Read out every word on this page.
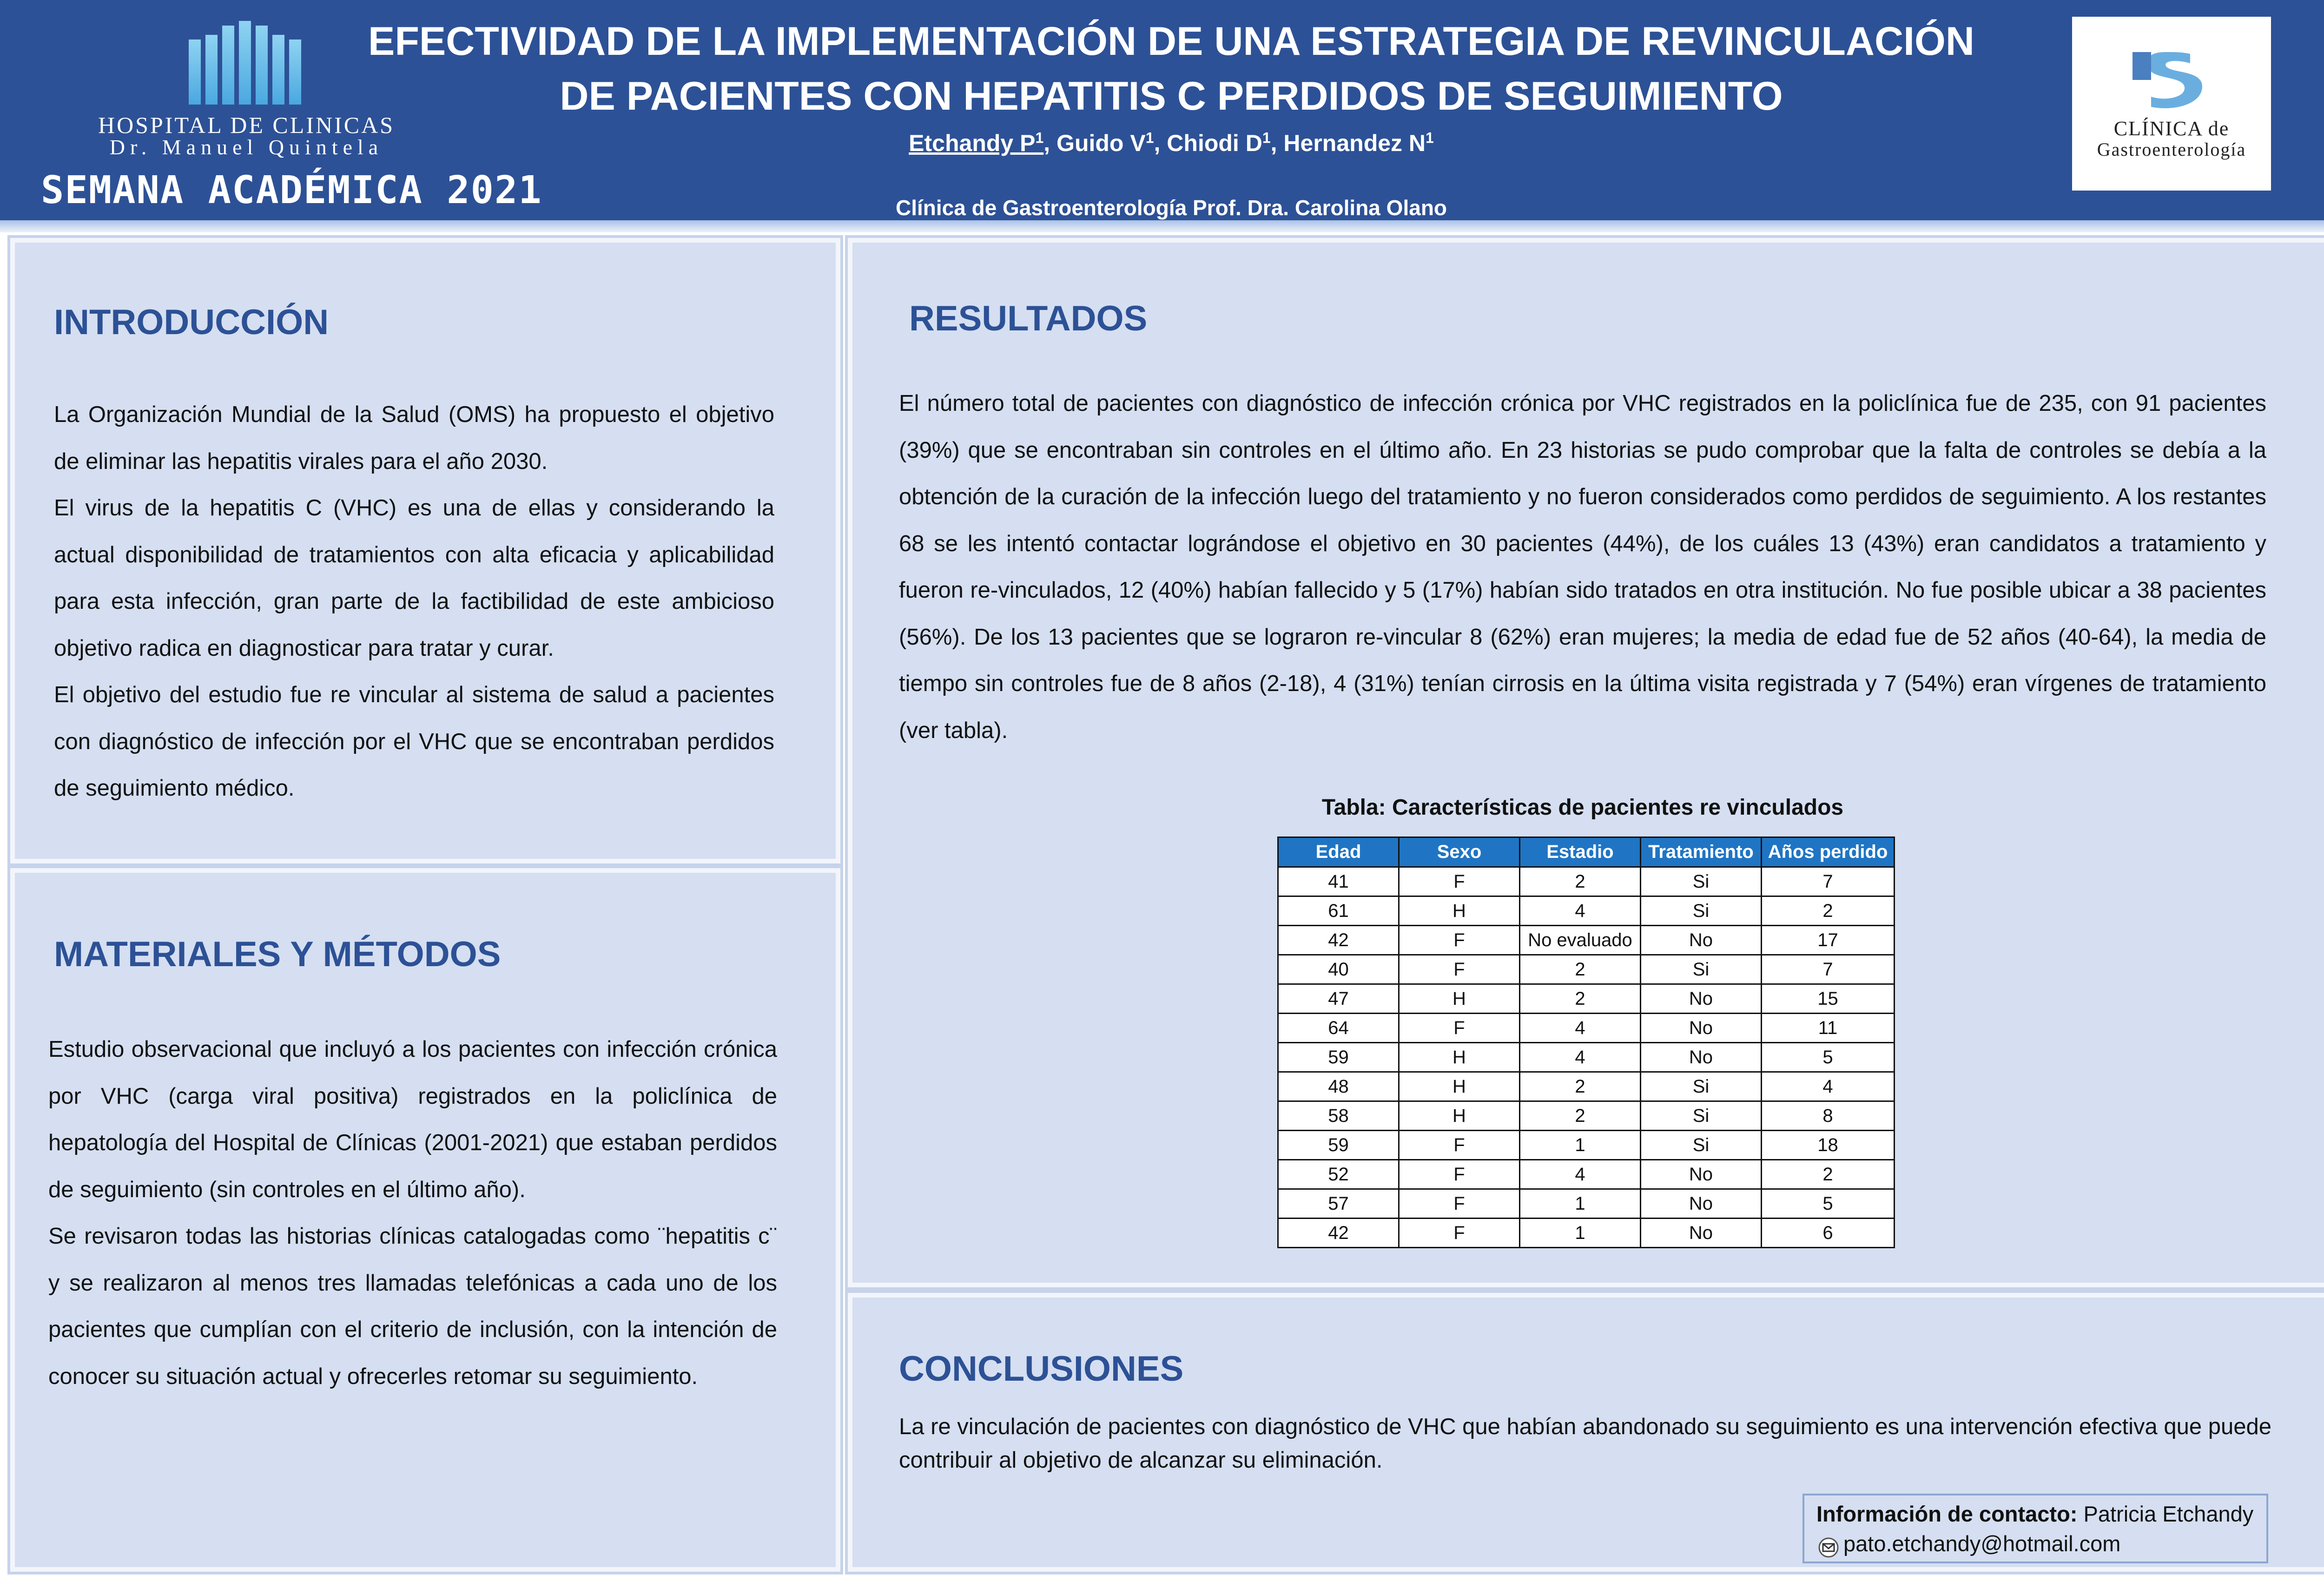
HOSPITAL DE CLINICAS
Dr. Manuel Quintela
SEMANA ACADÉMICA 2021
EFECTIVIDAD DE LA IMPLEMENTACIÓN DE UNA ESTRATEGIA DE REVINCULACIÓN
DE PACIENTES CON HEPATITIS C PERDIDOS DE SEGUIMIENTO
Etchandy $P^1$, Guido $V^1$, Chiodi $D^1$, Hernandez $N^1$
Clínica de Gastroenterología Prof. Dra. Carolina Olano
CLÍNICA de
Gastroenterología
INTRODUCCIÓN

La Organización Mundial de la Salud (OMS) ha propuesto el objetivo de eliminar las hepatitis virales para el año 2030.

El virus de la hepatitis C (VHC) es una de ellas y considerando la actual disponibilidad de tratamientos con alta eficacia y aplicabilidad para esta infección, gran parte de la factibilidad de este ambicioso objetivo radica en diagnosticar para tratar y curar.

El objetivo del estudio fue re vincular al sistema de salud a pacientes con diagnóstico de infección por el VHC que se encontraban perdidos de seguimiento médico.

MATERIALES Y MÉTODOS

Estudio observacional que incluyó a los pacientes con infección crónica por VHC (carga viral positiva) registrados en la policlínica de hepatología del Hospital de Clínicas (2001-2021) que estaban perdidos de seguimiento (sin controles en el último año).

Se revisaron todas las historias clínicas catalogadas como ¨hepatitis c¨ y se realizaron al menos tres llamadas telefónicas a cada uno de los pacientes que cumplían con el criterio de inclusión, con la intención de conocer su situación actual y ofrecerles retomar su seguimiento.

RESULTADOS

El número total de pacientes con diagnóstico de infección crónica por VHC registrados en la policlínica fue de 235, con 91 pacientes (39%) que se encontraban sin controles en el último año. En 23 historias se pudo comprobar que la falta de controles se debía a la obtención de la curación de la infección luego del tratamiento y no fueron considerados como perdidos de seguimiento. A los restantes 68 se les intentó contactar lográndose el objetivo en 30 pacientes (44%), de los cuáles 13 (43%) eran candidatos a tratamiento y fueron re-vinculados, 12 (40%) habían fallecido y 5 (17%) habían sido tratados en otra institución. No fue posible ubicar a 38 pacientes (56%). De los 13 pacientes que se lograron re-vincular 8 (62%) eran mujeres; la media de edad fue de 52 años (40-64), la media de tiempo sin controles fue de 8 años (2-18), 4 (31%) tenían cirrosis en la última visita registrada y 7 (54%) eran vírgenes de tratamiento (ver tabla).

Tabla: Características de pacientes re vinculados
Edad	Sexo	Estadio	Tratamiento	Años perdido
41	F	2	Si	7
61	H	4	Si	2
42	F	No evaluado	No	17
40	F	2	Si	7
47	H	2	No	15
64	F	4	No	11
59	H	4	No	5
48	H	2	Si	4
58	H	2	Si	8
59	F	1	Si	18
52	F	4	No	2
57	F	1	No	5
42	F	1	No	6
CONCLUSIONES
La re vinculación de pacientes con diagnóstico de VHC que habían abandonado su seguimiento es una intervención efectiva que puede contribuir al objetivo de alcanzar su eliminación.
Información de contacto: Patricia Etchandy
pato.etchandy@hotmail.com
